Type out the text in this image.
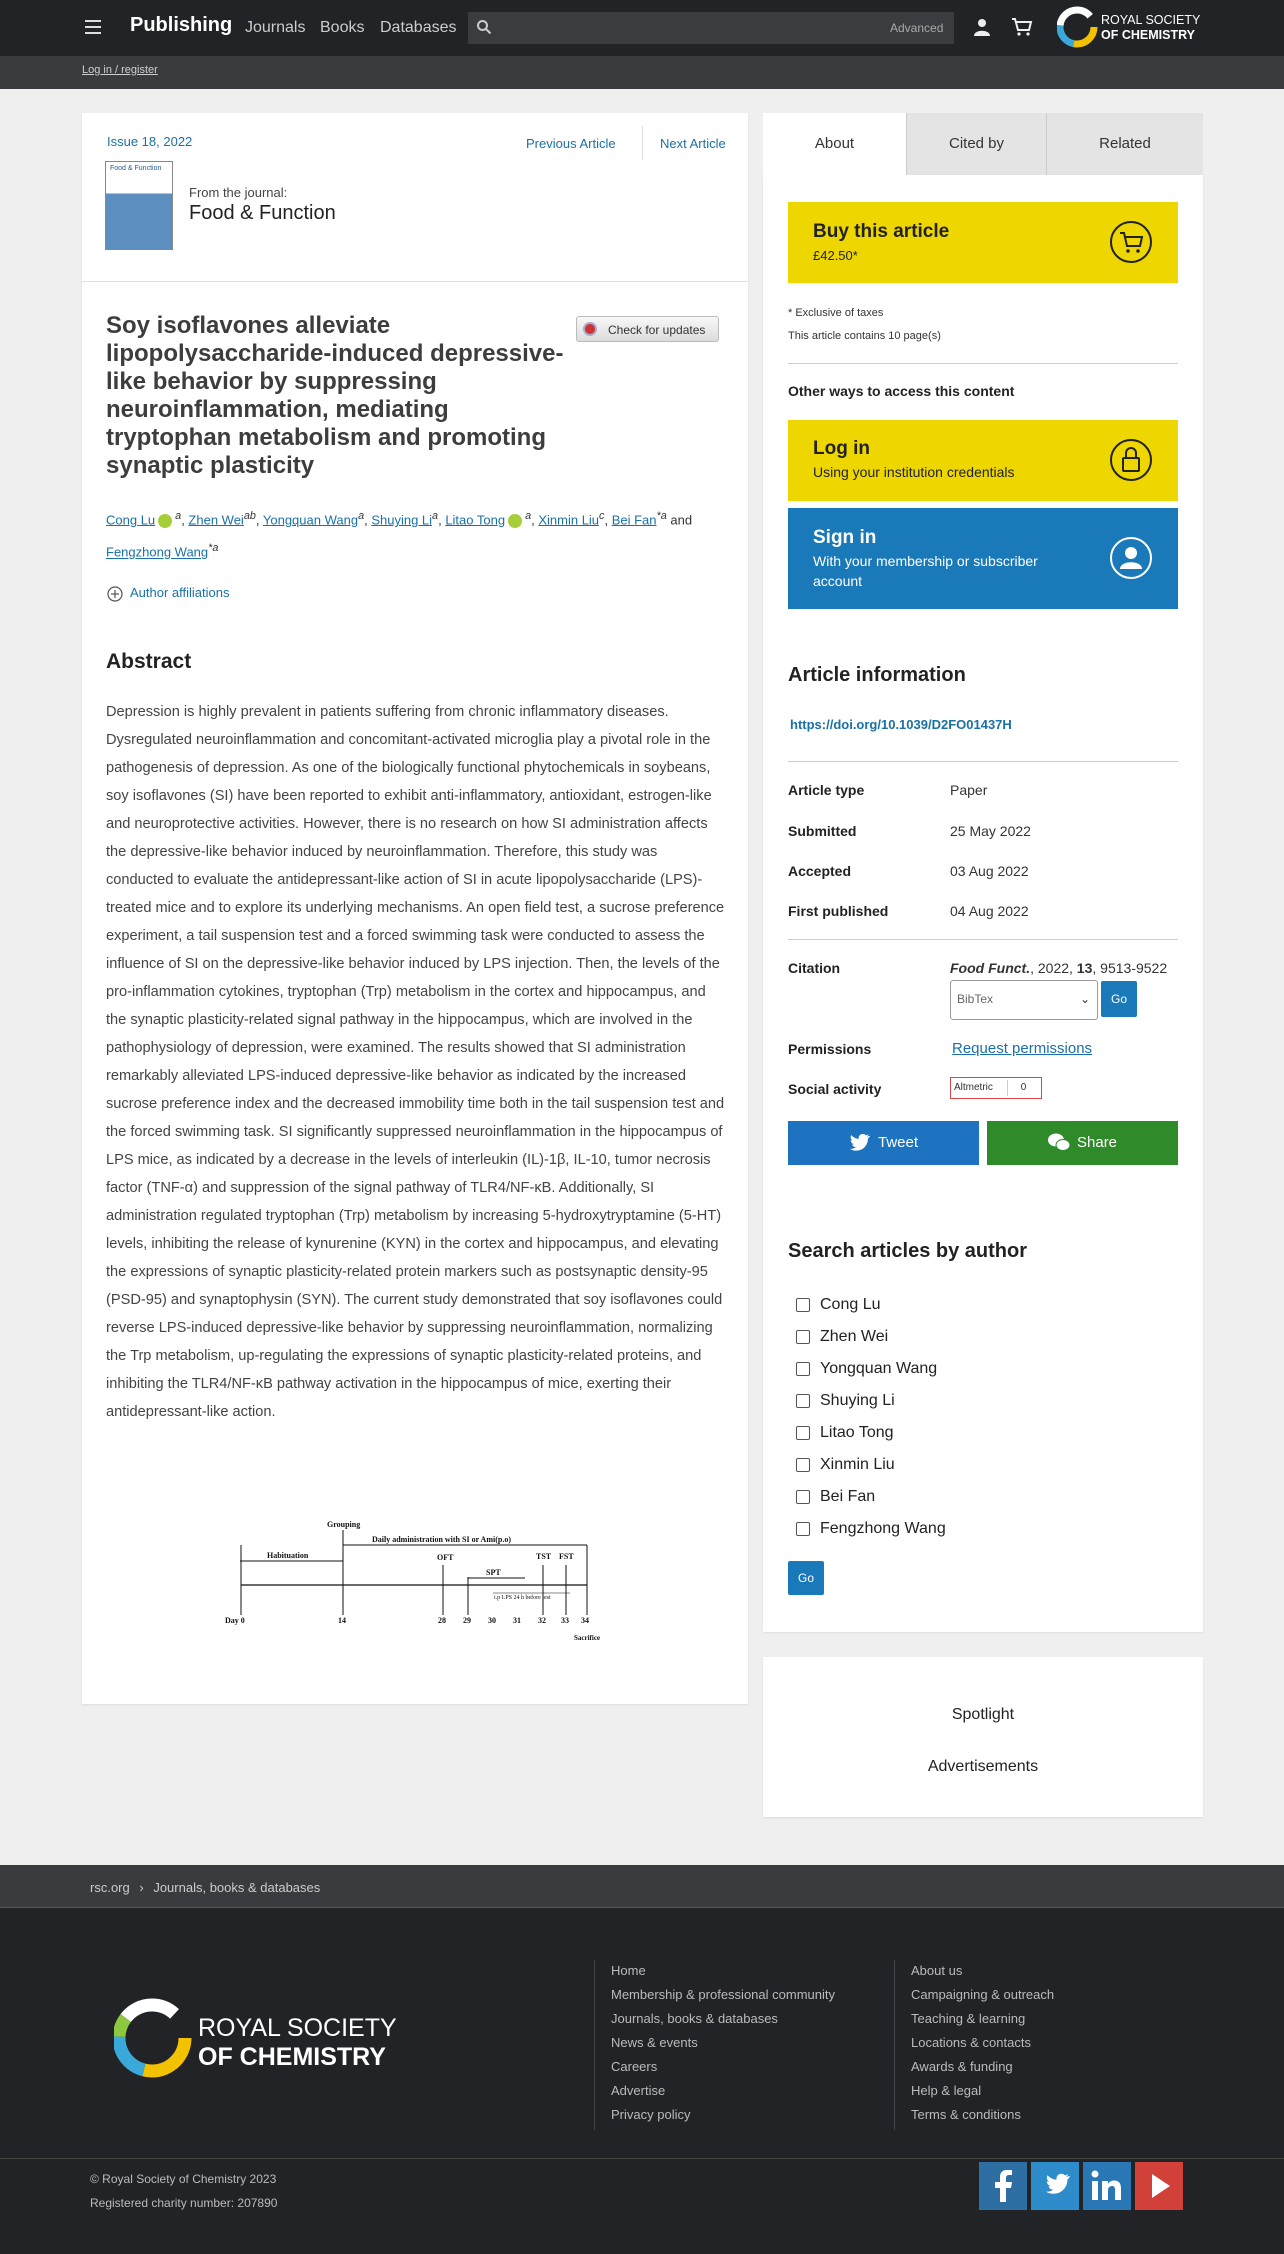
Publishing Journals Books Databases	Advanced
ROYAL SOCIETY
OF CHEMISTRY
Log in / register
Issue 18, 2022	Previous Article	Next Article
Food & Function
From the journal:
Food & Function
Soy isoflavones alleviate lipopolysaccharide-induced depressive-like behavior by suppressing neuroinflammation, mediating tryptophan metabolism and promoting synaptic plasticity
Check for updates
Cong Lu $^a$, Zhen Wei$^{ab}$, Yongquan Wang$^a$, Shuying Li$^a$, Litao Tong $^a$, Xinmin Liu$^c$, Bei Fan$^{*a}$ and Fengzhong Wang$^{*a}$
Author affiliations
Abstract

Depression is highly prevalent in patients suffering from chronic inflammatory diseases. Dysregulated neuroinflammation and concomitant-activated microglia play a pivotal role in the pathogenesis of depression. As one of the biologically functional phytochemicals in soybeans, soy isoflavones (SI) have been reported to exhibit anti-inflammatory, antioxidant, estrogen-like and neuroprotective activities. However, there is no research on how SI administration affects the depressive-like behavior induced by neuroinflammation. Therefore, this study was conducted to evaluate the antidepressant-like action of SI in acute lipopolysaccharide (LPS)-treated mice and to explore its underlying mechanisms. An open field test, a sucrose preference experiment, a tail suspension test and a forced swimming task were conducted to assess the influence of SI on the depressive-like behavior induced by LPS injection. Then, the levels of the pro-inflammation cytokines, tryptophan (Trp) metabolism in the cortex and hippocampus, and the synaptic plasticity-related signal pathway in the hippocampus, which are involved in the pathophysiology of depression, were examined. The results showed that SI administration remarkably alleviated LPS-induced depressive-like behavior as indicated by the increased sucrose preference index and the decreased immobility time both in the tail suspension test and the forced swimming task. SI significantly suppressed neuroinflammation in the hippocampus of LPS mice, as indicated by a decrease in the levels of interleukin (IL)-1β, IL-10, tumor necrosis factor (TNF-α) and suppression of the signal pathway of TLR4/NF-κB. Additionally, SI administration regulated tryptophan (Trp) metabolism by increasing 5-hydroxytryptamine (5-HT) levels, inhibiting the release of kynurenine (KYN) in the cortex and hippocampus, and elevating the expressions of synaptic plasticity-related protein markers such as postsynaptic density-95 (PSD-95) and synaptophysin (SYN). The current study demonstrated that soy isoflavones could reverse LPS-induced depressive-like behavior by suppressing neuroinflammation, normalizing the Trp metabolism, up-regulating the expressions of synaptic plasticity-related proteins, and inhibiting the TLR4/NF-κB pathway activation in the hippocampus of mice, exerting their antidepressant-like action.

Grouping
Daily administration with SI or Ami(p.o)
Habituation	OFT	TST FST
SPT
i.p LPS 24 h before test
Day 0	14	28 29 30 31 32 33 34
Sacrifice
About	Cited by	Related
Buy this article
£42.50*
* Exclusive of taxes
This article contains 10 page(s)
Other ways to access this content
Log in
Using your institution credentials
Sign in
With your membership or subscriber account
Article information
https://doi.org/10.1039/D2FO01437H
Article type	Paper
Submitted	25 May 2022
Accepted	03 Aug 2022
First published	04 Aug 2022
Citation	Food Funct., 2022, 13, 9513-9522
BibTex	⌄	Go
Permissions	Request permissions
Social activity	Altmetric	0
Tweet	Share
Search articles by author
Cong Lu
Zhen Wei
Yongquan Wang
Shuying Li
Litao Tong
Xinmin Liu
Bei Fan
Fengzhong Wang
Go
Spotlight
Advertisements
rsc.org › Journals, books & databases
ROYAL SOCIETY
OF CHEMISTRY
Home
Membership & professional community
Journals, books & databases
News & events
Careers
Advertise
Privacy policy
About us
Campaigning & outreach
Teaching & learning
Locations & contacts
Awards & funding
Help & legal
Terms & conditions
© Royal Society of Chemistry 2023
Registered charity number: 207890
